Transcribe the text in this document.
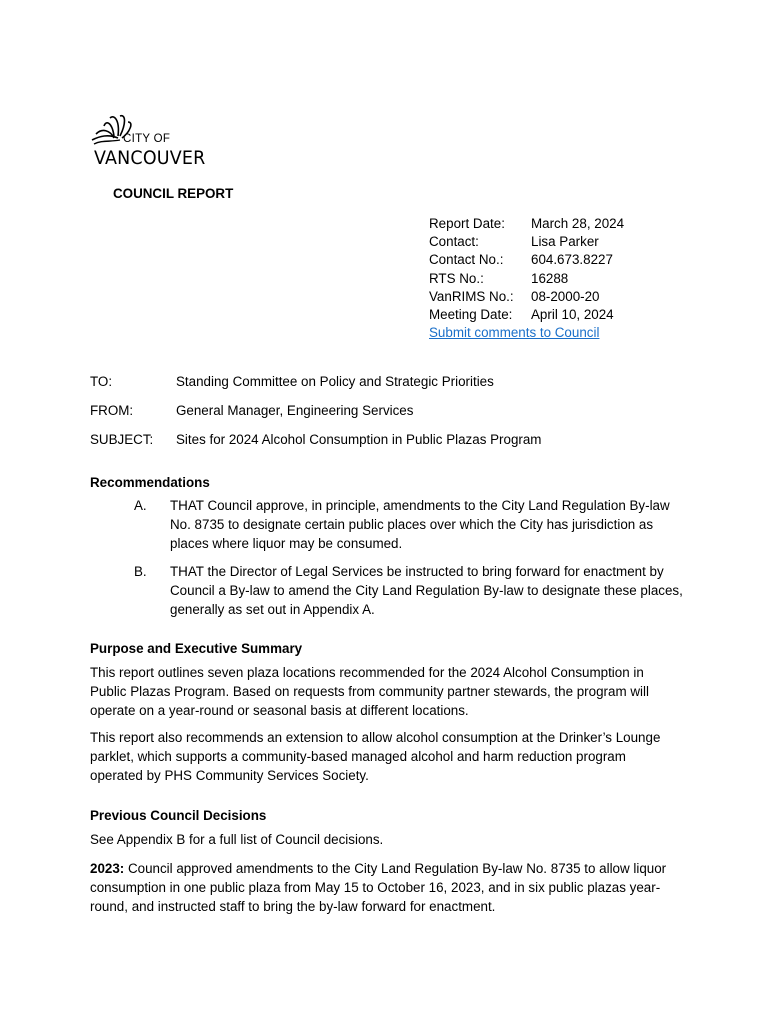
CITY OF
VANCOUVER
COUNCIL REPORT
Report Date: March 28, 2024
Contact:	Lisa Parker
Contact No.: 604.673.8227
RTS No.:	16288
VanRIMS No.: 08-2000-20
Meeting Date: April 10, 2024
Submit comments to Council
TO:	Standing Committee on Policy and Strategic Priorities
FROM:	General Manager, Engineering Services
SUBJECT: Sites for 2024 Alcohol Consumption in Public Plazas Program
Recommendations
A. THAT Council approve, in principle, amendments to the City Land Regulation By-law No. 8735 to designate certain public places over which the City has jurisdiction as places where liquor may be consumed.
B. THAT the Director of Legal Services be instructed to bring forward for enactment by Council a By-law to amend the City Land Regulation By-law to designate these places, generally as set out in Appendix A.
Purpose and Executive Summary
This report outlines seven plaza locations recommended for the 2024 Alcohol Consumption in Public Plazas Program. Based on requests from community partner stewards, the program will operate on a year-round or seasonal basis at different locations.
This report also recommends an extension to allow alcohol consumption at the Drinker’s Lounge parklet, which supports a community-based managed alcohol and harm reduction program operated by PHS Community Services Society.
Previous Council Decisions
See Appendix B for a full list of Council decisions.
2023: Council approved amendments to the City Land Regulation By-law No. 8735 to allow liquor consumption in one public plaza from May 15 to October 16, 2023, and in six public plazas year-round, and instructed staff to bring the by-law forward for enactment.
